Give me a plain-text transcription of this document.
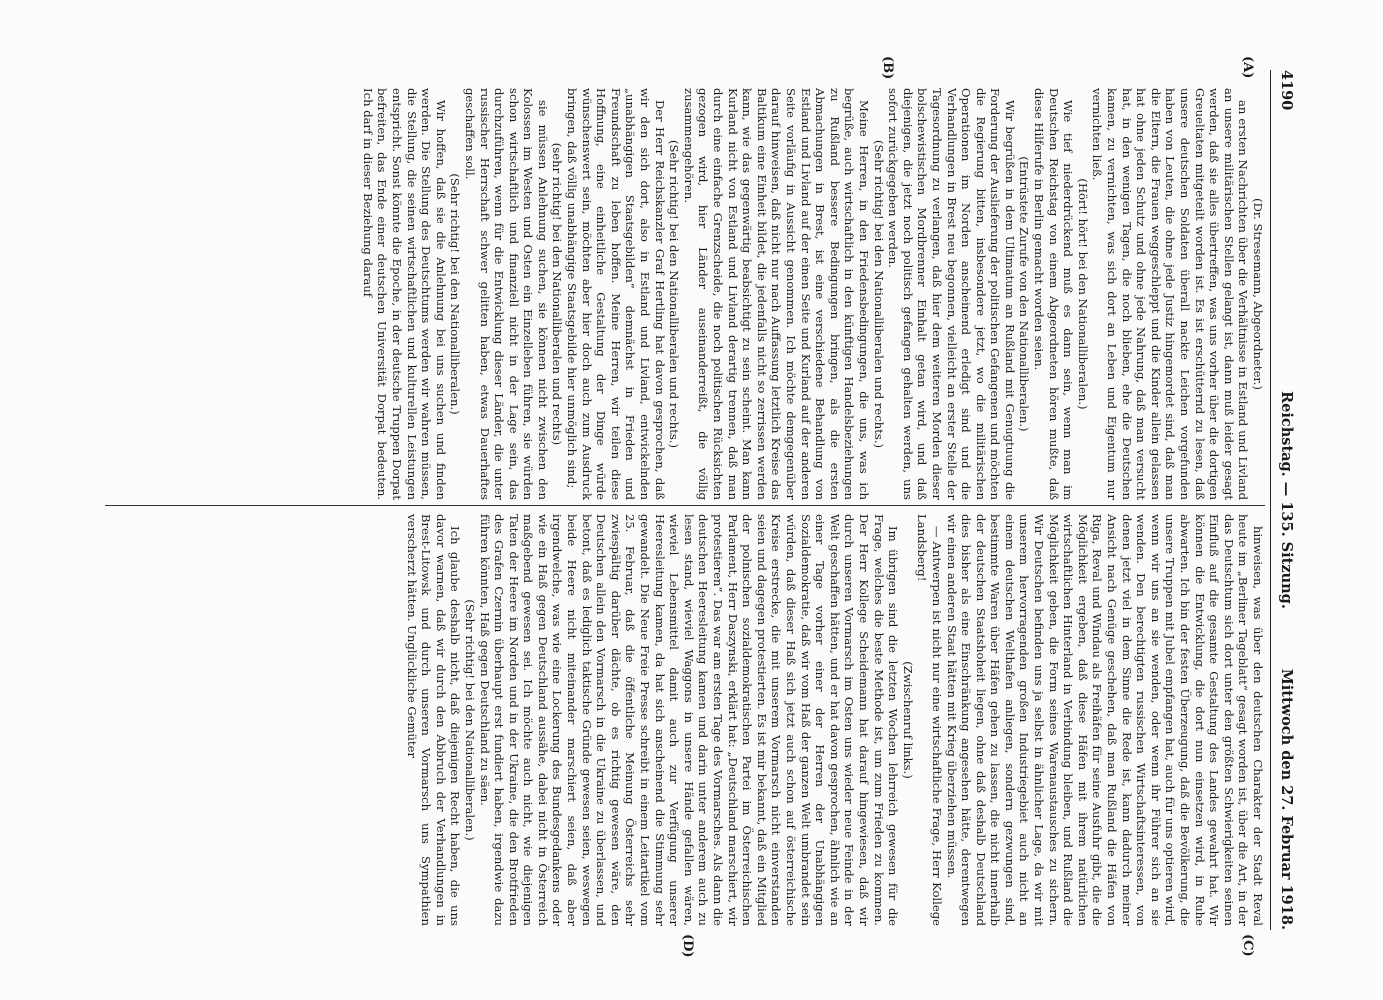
4190
Reichstag. — 135. Sitzung.
Mittwoch den 27. Februar 1918.
(A)
(B)
(C)
(D)

(Dr. Stresemann, Abgeordneter.)

an ersten Nachrichten über die Verhältnisse in Estland und Livland an unsere militärischen Stellen gelangt ist, dann muß leider gesagt werden, daß sie alles übertreffen, was uns vorher über die dortigen Greueltaten mitgeteilt worden ist. Es ist erschütternd zu lesen, daß unsere deutschen Soldaten überall nackte Leichen vorgefunden haben von Leuten, die ohne jede Justiz hingemordet sind, daß man die Eltern, die Frauen weggeschleppt und die Kinder allein gelassen hat ohne jeden Schutz und ohne jede Nahrung, daß man versucht hat, in den wenigen Tagen, die noch blieben, ehe die Deutschen kamen, zu vernichten, was sich dort an Leben und Eigentum nur vernichten ließ.

(Hört! hört! bei den Nationalliberalen.)

Wie tief niederdrückend muß es dann sein, wenn man im Deutschen Reichstag von einem Abgeordneten hören mußte, daß diese Hilferufe in Berlin gemacht worden seien.

(Entrüstete Zurufe von den Nationalliberalen.)

Wir begrüßen in dem Ultimatum an Rußland mit Genugtuung die Forderung der Auslieferung der politischen Gefangenen und möchten die Regierung bitten, insbesondere jetzt, wo die militärischen Operationen im Norden anscheinend erledigt sind und die Verhandlungen in Brest neu begonnen, vielleicht an erster Stelle der Tagesordnung zu verlangen, daß hier dem weiteren Morden dieser bolschewistischen Mordbrenner Einhalt getan wird, und daß diejenigen, die jetzt noch politisch gefangen gehalten werden, uns sofort zurückgegeben werden.

(Sehr richtig! bei den Nationalliberalen und rechts.)

Meine Herren, in den Friedensbedingungen, die uns, was ich begrüße, auch wirtschaftlich in den künftigen Handelsbeziehungen zu Rußland bessere Bedingungen bringen, als die ersten Abmachungen in Brest, ist eine verschiedene Behandlung von Estland und Livland auf der einen Seite und Kurland auf der anderen Seite vorläufig in Aussicht genommen. Ich möchte demgegenüber darauf hinweisen, daß nicht nur nach Auffassung letztlich Kreise das Baltikum eine Einheit bildet, die jedenfalls nicht so zerrissen werden kann, wie das gegenwärtig beabsichtigt zu sein scheint. Man kann Kurland nicht von Estland und Livland derartig trennen, daß man durch eine einfache Grenzscheide, die noch politischen Rücksichten gezogen wird, hier Länder auseinanderreißt, die völlig zusammengehören.

(Sehr richtig! bei den Nationalliberalen und rechts.)

Der Herr Reichskanzler Graf Hertling hat davon gesprochen, daß wir den sich dort, also in Estland und Livland, entwickelnden „unabhängigen Staatsgebilden“ demnächst in Frieden und Freundschaft zu leben hoffen. Meine Herren, wir teilen diese Hoffnung, eine einheitliche Gestaltung der Dinge würde wünschenswert sein, möchten aber hier doch auch zum Ausdruck bringen, daß völlig unabhängige Staatsgebilde hier unmöglich sind;

(sehr richtig! bei den Nationalliberalen und rechts)

sie müssen Anlehnung suchen, sie können nicht zwischen den Kolossen im Westen und Osten ein Einzelleben führen, sie würden schon wirtschaftlich und finanziell nicht in der Lage sein, das durchzuführen, wenn für die Entwicklung dieser Länder, die unter russischer Herrschaft schwer gelitten haben, etwas Dauerhaftes geschaffen soll.

(Sehr richtig! bei den Nationalliberalen.)

Wir hoffen, daß sie die Anlehnung bei uns suchen und finden werden. Die Stellung des Deutschtums werden wir wahren müssen, die Stellung, die seinen wirtschaftlichen und kulturellen Leistungen entspricht. Sonst könnte die Epoche, in der deutsche Truppen Dorpat befreiten, das Ende einer deutschen Universität Dorpat bedeuten. Ich darf in dieser Beziehung darauf

hinweisen, was über den deutschen Charakter der Stadt Reval heute im „Berliner Tageblatt“ gesagt worden ist, über die Art, in der das Deutschtum sich dort unter den größten Schwierigkeiten seinen Einfluß auf die gesamte Gestaltung des Landes gewahrt hat. Wir können die Entwicklung, die dort nun einsetzen wird, in Ruhe abwarten. Ich bin der festen Überzeugung, daß die Bevölkerung, die unsere Truppen mit Jubel empfangen hat, auch für uns optieren wird, wenn wir uns an sie wenden, oder wenn ihr Führer sich an sie wenden. Den berechtigten russischen Wirtschaftsinteressen, von denen jetzt viel in dem Sinne die Rede ist, kann dadurch meiner Ansicht nach Genüge geschehen, daß man Rußland die Häfen von Riga, Reval und Windau als Freihäfen für seine Ausfuhr gibt, die die Möglichkeit ergeben, daß diese Häfen mit ihrem natürlichen wirtschaftlichen Hinterland in Verbindung bleiben, und Rußland die Möglichkeit geben, die Form seines Warenaustausches zu sichern. Wir Deutschen befinden uns ja selbst in ähnlicher Lage, da wir mit unserem hervorragenden großen Industriegebiet auch nicht an einem deutschen Welthafen anliegen, sondern gezwungen sind, bestimmte Waren über Häfen gehen zu lassen, die nicht innerhalb der deutschen Staatshoheit liegen, ohne daß deshalb Deutschland dies bisher als eine Einschränkung angesehen hätte, derentwegen wir einen anderen Staat hätten mit Krieg überziehen müssen.

— Antwerpen ist nicht nur eine wirtschaftliche Frage, Herr Kollege Landsberg!

(Zwischenruf links.)

Im übrigen sind die letzten Wochen lehrreich gewesen für die Frage, welches die beste Methode ist, um zum Frieden zu kommen. Der Herr Kollege Scheidemann hat darauf hingewiesen, daß wir durch unseren Vormarsch im Osten uns wieder neue Feinde in der Welt geschaffen hätten, und er hat davon gesprochen, ähnlich wie an einer Tage vorher einer der Herren der Unabhängigen Sozialdemokratie, daß wir vom Haß der ganzen Welt umbrandet sein würden, daß dieser Haß sich jetzt auch schon auf österreichische Kreise erstrecke, die mit unserem Vormarsch nicht einverstanden seien und dagegen protestierten. Es ist mir bekannt, daß ein Mitglied der polnischen sozialdemokratischen Partei im Österreichischen Parlament, Herr Daszynski, erklärt hat: „Deutschland marschiert, wir protestieren“. Das war am ersten Tage des Vormarsches. Als dann die deutschen Heeresleitung kamen und darin unter anderem auch zu lesen stand, wieviel Waggons in unsere Hände gefallen wären, wieviel Lebensmittel damit auch zur Verfügung unserer Heeresleitung kamen, da hat sich anscheinend die Stimmung sehr gewandelt. Die Neue Freie Presse schreibt in einem Leitartikel vom 25. Februar, daß die öffentliche Meinung Österreichs sehr zwiespältig darüber dächte, ob es richtig gewesen wäre, den Deutschen allein den Vormarsch in die Ukraine zu überlassen, und betont, daß es lediglich taktische Gründe gewesen seien, weswegen beide Heere nicht miteinander marschiert seien, daß aber irgendwelche, was wie eine Lockerung des Bundesgedankens oder wie ein Haß gegen Deutschland aussähe, dabei nicht in Österreich maßgebend gewesen sei. Ich möchte auch nicht, wie diejenigen Taten der Heere im Norden und in der Ukraine, die den Brotfrieden des Grafen Czernin überhaupt erst fundiert haben, irgendwie dazu führen könnten, Haß gegen Deutschland zu säen.

(Sehr richtig! bei den Nationalliberalen.)

Ich glaube deshalb nicht, daß diejenigen Recht haben, die uns davor warnen, daß wir durch den Abbruch der Verhandlungen in Brest-Litowsk und durch unseren Vormarsch uns Sympathien verscherzt hätten. Unglückliche Gemüter
